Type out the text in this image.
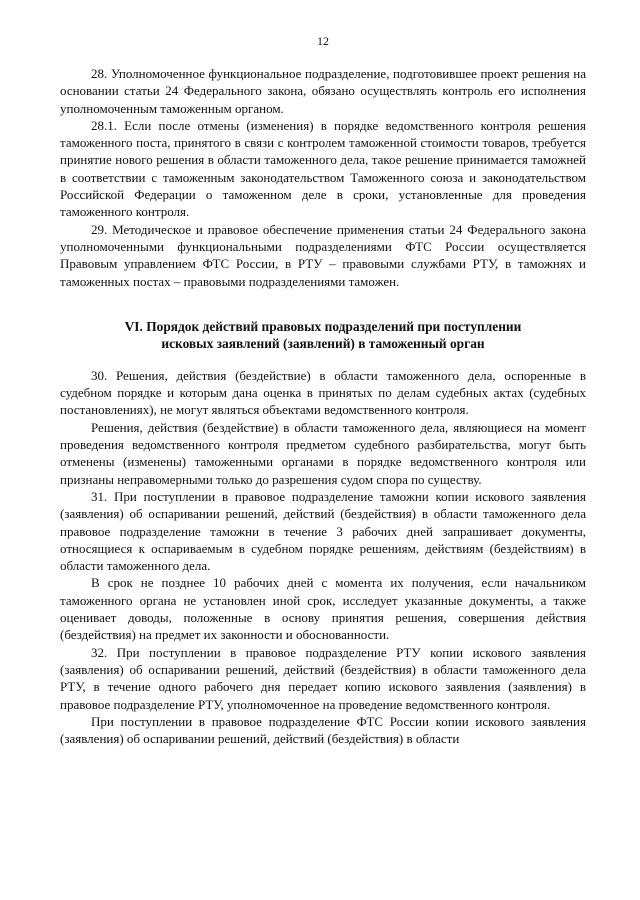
12

28. Уполномоченное функциональное подразделение, подготовившее проект решения на основании статьи 24 Федерального закона, обязано осуществлять контроль его исполнения уполномоченным таможенным органом.

28.1. Если после отмены (изменения) в порядке ведомственного контроля решения таможенного поста, принятого в связи с контролем таможенной стоимости товаров, требуется принятие нового решения в области таможенного дела, такое решение принимается таможней в соответствии с таможенным законодательством Таможенного союза и законодательством Российской Федерации о таможенном деле в сроки, установленные для проведения таможенного контроля.

29. Методическое и правовое обеспечение применения статьи 24 Федерального закона уполномоченными функциональными подразделениями ФТС России осуществляется Правовым управлением ФТС России, в РТУ – правовыми службами РТУ, в таможнях и таможенных постах – правовыми подразделениями таможен.

VI. Порядок действий правовых подразделений при поступлении
исковых заявлений (заявлений) в таможенный орган

30. Решения, действия (бездействие) в области таможенного дела, оспоренные в судебном порядке и которым дана оценка в принятых по делам судебных актах (судебных постановлениях), не могут являться объектами ведомственного контроля.

Решения, действия (бездействие) в области таможенного дела, являющиеся на момент проведения ведомственного контроля предметом судебного разбирательства, могут быть отменены (изменены) таможенными органами в порядке ведомственного контроля или признаны неправомерными только до разрешения судом спора по существу.

31. При поступлении в правовое подразделение таможни копии искового заявления (заявления) об оспаривании решений, действий (бездействия) в области таможенного дела правовое подразделение таможни в течение 3 рабочих дней запрашивает документы, относящиеся к оспариваемым в судебном порядке решениям, действиям (бездействиям) в области таможенного дела.

В срок не позднее 10 рабочих дней с момента их получения, если начальником таможенного органа не установлен иной срок, исследует указанные документы, а также оценивает доводы, положенные в основу принятия решения, совершения действия (бездействия) на предмет их законности и обоснованности.

32. При поступлении в правовое подразделение РТУ копии искового заявления (заявления) об оспаривании решений, действий (бездействия) в области таможенного дела РТУ, в течение одного рабочего дня передает копию искового заявления (заявления) в правовое подразделение РТУ, уполномоченное на проведение ведомственного контроля.

При поступлении в правовое подразделение ФТС России копии искового заявления (заявления) об оспаривании решений, действий (бездействия) в области
